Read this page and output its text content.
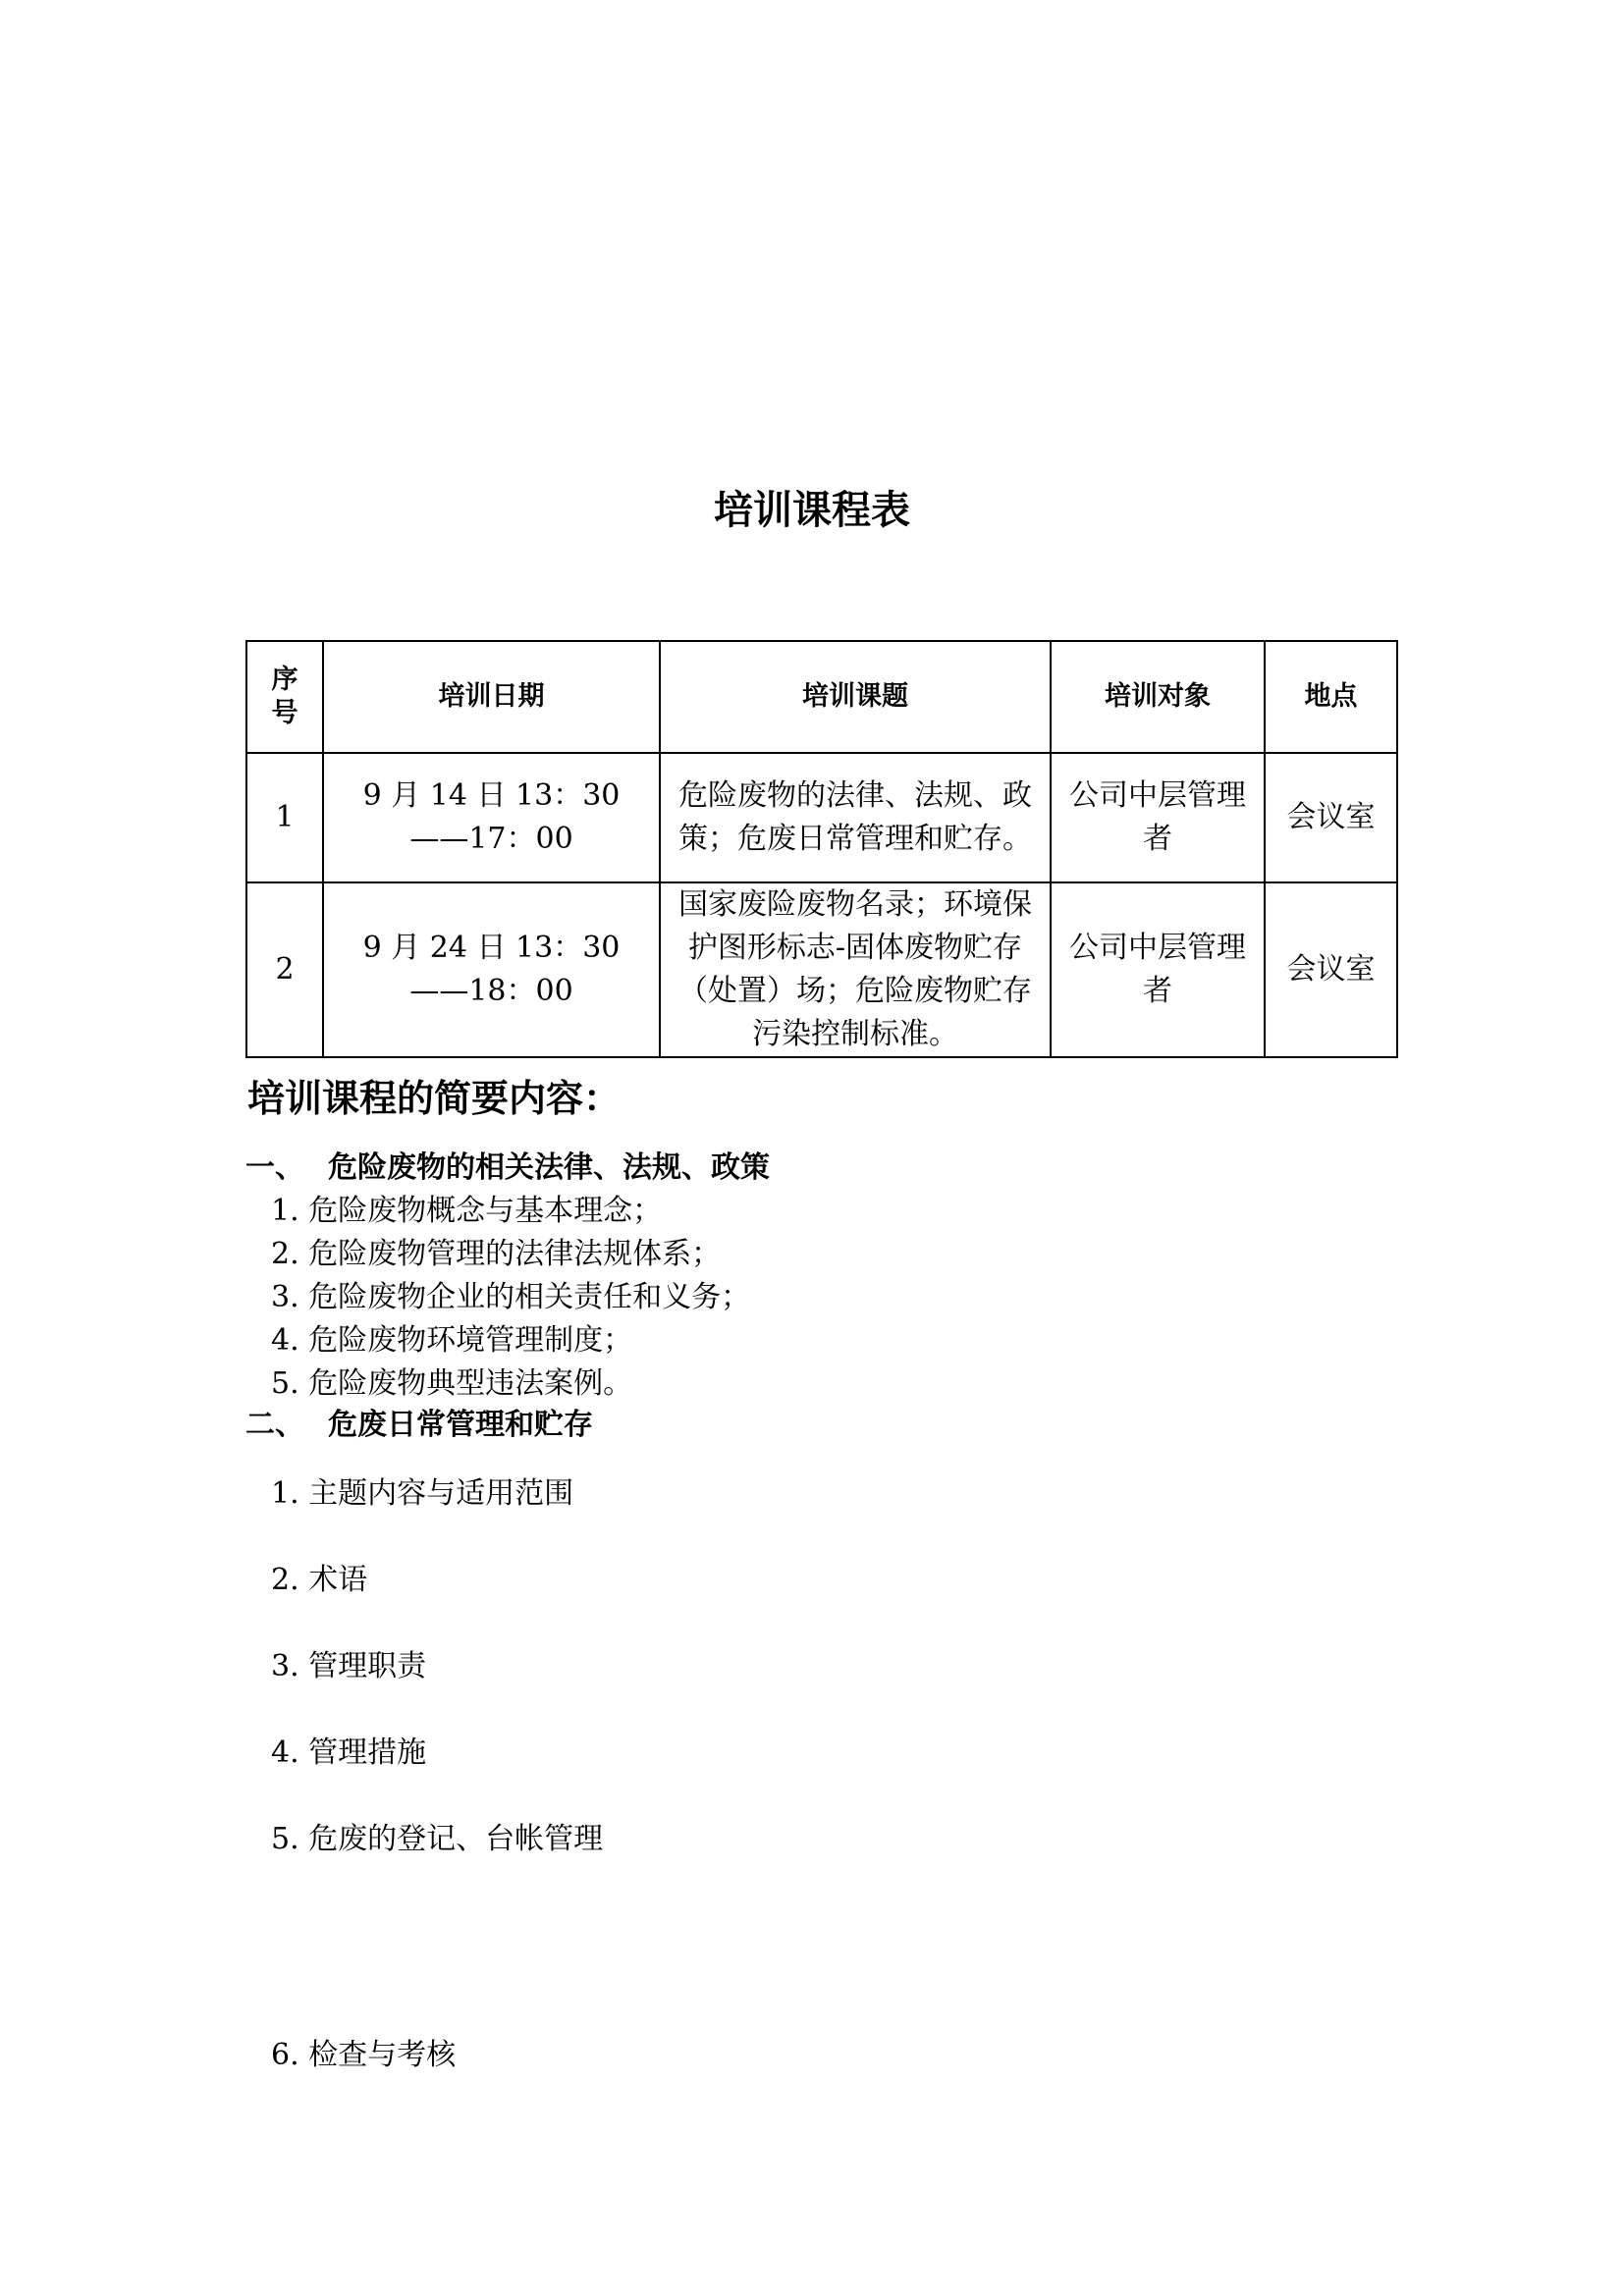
培训课程表
序号	培训日期	培训课题	培训对象	地点
1	9 月 14 日 13：30——17：00	危险废物的法律、法规、政策；危废日常管理和贮存。	公司中层管理者	会议室
2	9 月 24 日 13：30——18：00	国家废险废物名录；环境保护图形标志-固体废物贮存（处置）场；危险废物贮存污染控制标准。	公司中层管理者	会议室
培训课程的简要内容：
一、 危险废物的相关法律、法规、政策
1. 危险废物概念与基本理念；
2. 危险废物管理的法律法规体系；
3. 危险废物企业的相关责任和义务；
4. 危险废物环境管理制度；
5. 危险废物典型违法案例。
二、 危废日常管理和贮存
1. 主题内容与适用范围
2. 术语
3. 管理职责
4. 管理措施
5. 危废的登记、台帐管理
6. 检查与考核
